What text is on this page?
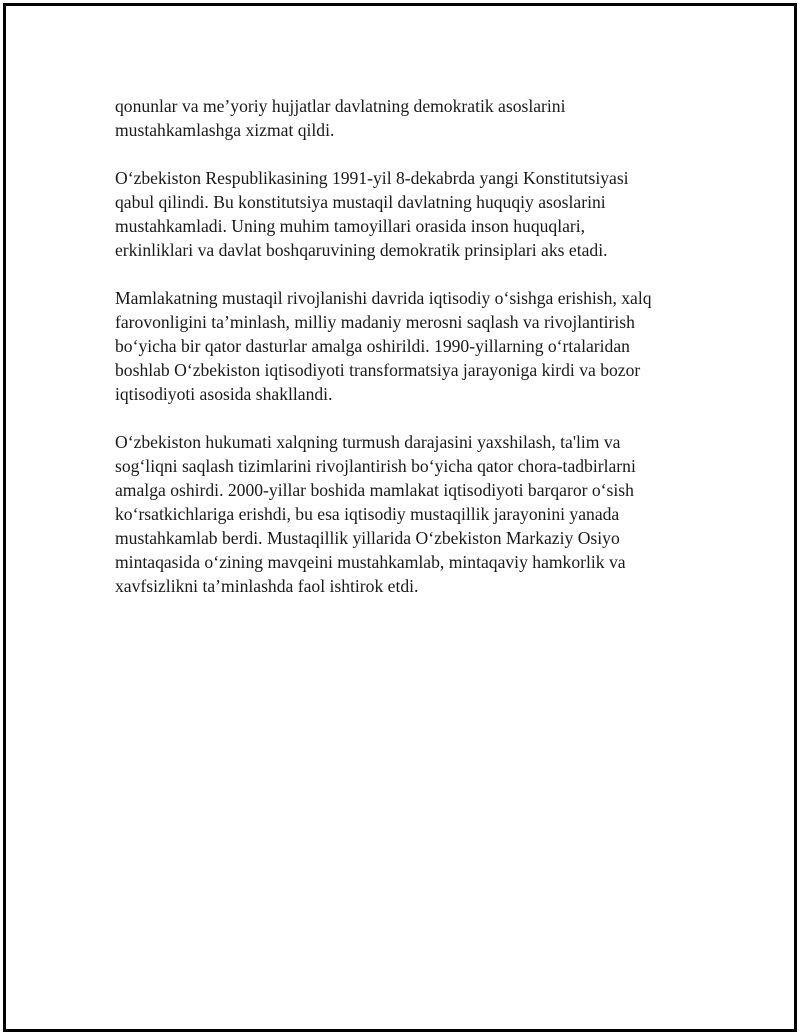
qonunlar va me’yoriy hujjatlar davlatning demokratik asoslarini
mustahkamlashga xizmat qildi.

O‘zbekiston Respublikasining 1991-yil 8-dekabrda yangi Konstitutsiyasi
qabul qilindi. Bu konstitutsiya mustaqil davlatning huquqiy asoslarini
mustahkamladi. Uning muhim tamoyillari orasida inson huquqlari,
erkinliklari va davlat boshqaruvining demokratik prinsiplari aks etadi.

Mamlakatning mustaqil rivojlanishi davrida iqtisodiy o‘sishga erishish, xalq
farovonligini ta’minlash, milliy madaniy merosni saqlash va rivojlantirish
bo‘yicha bir qator dasturlar amalga oshirildi. 1990-yillarning o‘rtalaridan
boshlab O‘zbekiston iqtisodiyoti transformatsiya jarayoniga kirdi va bozor
iqtisodiyoti asosida shakllandi.

O‘zbekiston hukumati xalqning turmush darajasini yaxshilash, ta'lim va
sog‘liqni saqlash tizimlarini rivojlantirish bo‘yicha qator chora-tadbirlarni
amalga oshirdi. 2000-yillar boshida mamlakat iqtisodiyoti barqaror o‘sish
ko‘rsatkichlariga erishdi, bu esa iqtisodiy mustaqillik jarayonini yanada
mustahkamlab berdi. Mustaqillik yillarida O‘zbekiston Markaziy Osiyo
mintaqasida o‘zining mavqeini mustahkamlab, mintaqaviy hamkorlik va
xavfsizlikni ta’minlashda faol ishtirok etdi.
